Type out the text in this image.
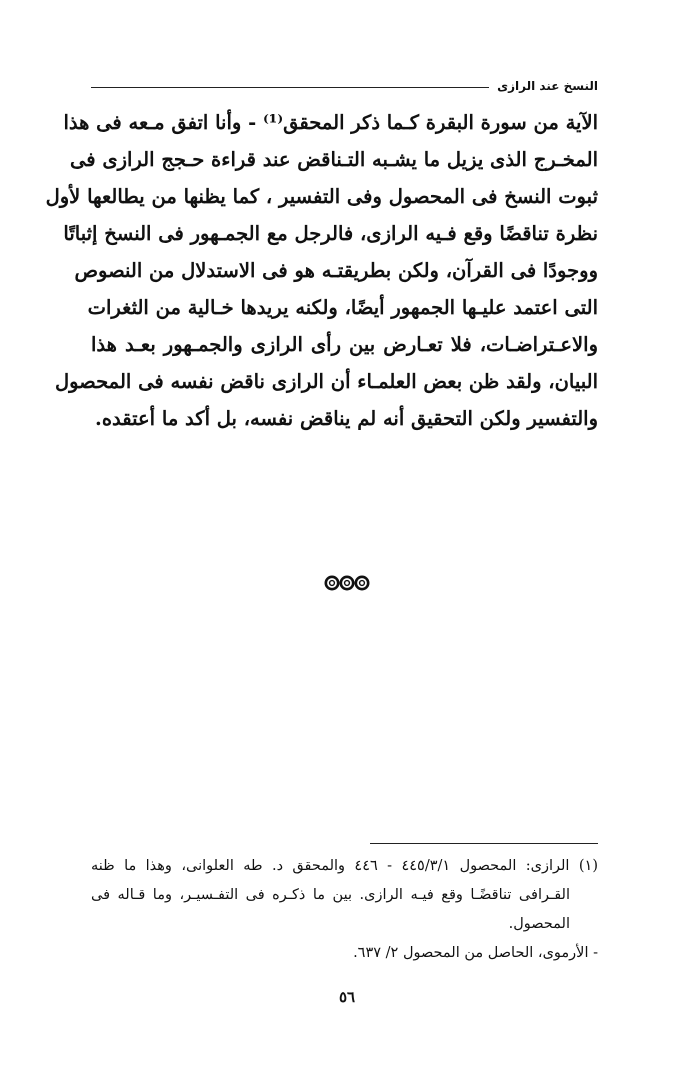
النسخ عند الرازى
الآية من سورة البقرة كـما ذكر المحقق⁽¹⁾ - وأنا اتفق مـعه فى هذا
المخـرج الذى يزيل ما يشـبه التـناقض عند قراءة حـجج الرازى فى
ثبوت النسخ فى المحصول وفى التفسير ، كما يظنها من يطالعها لأول
نظرة تناقضًا وقع فـيه الرازى، فالرجل مع الجمـهور فى النسخ إثباتًا
ووجودًا فى القرآن، ولكن بطريقتـه هو فى الاستدلال من النصوص
التى اعتمد عليـها الجمهور أيضًا، ولكنه يريدها خـالية من الثغرات
والاعـتراضـات، فلا تعـارض بين رأى الرازى والجمـهور بعـد هذا
البيان، ولقد ظن بعض العلمـاء أن الرازى ناقض نفسه فى المحصول
والتفسير ولكن التحقيق أنه لم يناقض نفسه، بل أكد ما أعتقده.
(١) الرازى: المحصول ٤٤٥/٣/١ - ٤٤٦ والمحقق د. طه العلوانى، وهذا ما ظنه
القـرافى تناقضًـا وقع فيـه الرازى. بين ما ذكـره فى التفـسيـر، وما قـاله فى
المحصول.
- الأرموى، الحاصل من المحصول ٢/ ٦٣٧.
٥٦
